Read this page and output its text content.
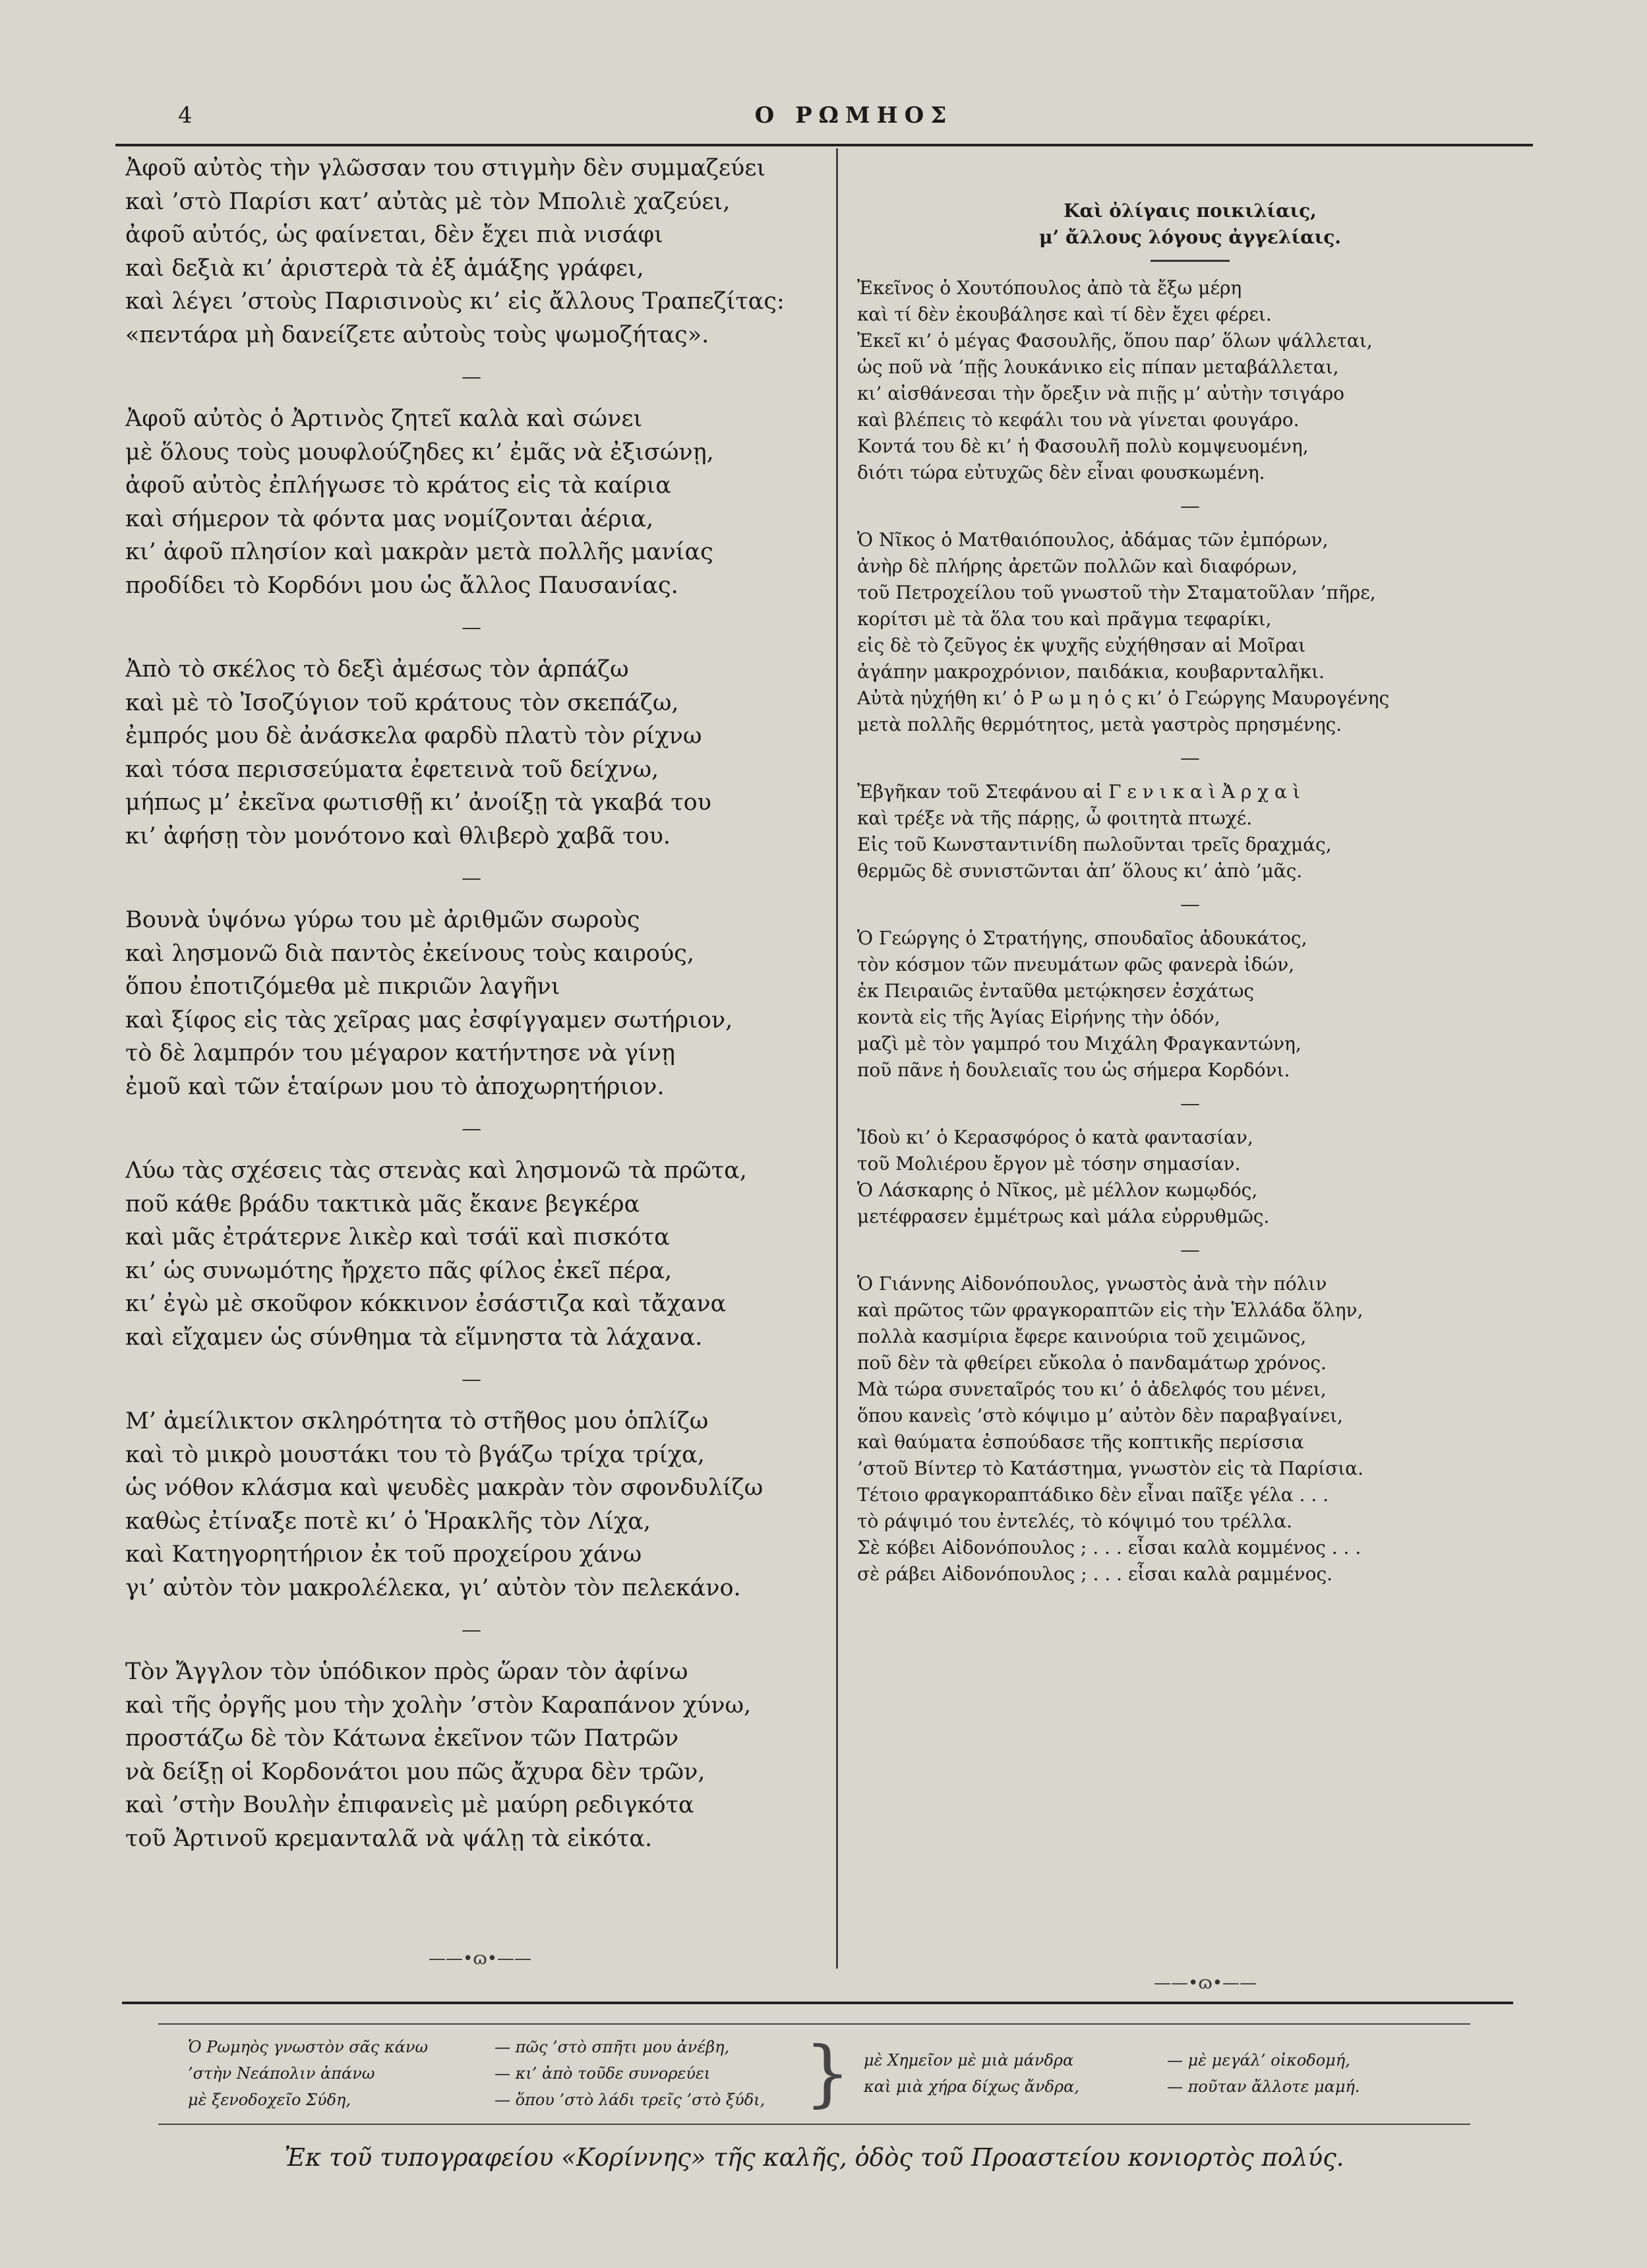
4	Ο ΡΩΜΗΟΣ
Ἀφοῦ αὐτὸς τὴν γλῶσσαν του στιγμὴν δὲν συμμαζεύει
καὶ ’στὸ Παρίσι κατ’ αὐτὰς μὲ τὸν Μπολιὲ χαζεύει,
ἀφοῦ αὐτός, ὡς φαίνεται, δὲν ἔχει πιὰ νισάφι
καὶ δεξιὰ κι’ ἀριστερὰ τὰ ἐξ ἁμάξης γράφει,
καὶ λέγει ’στοὺς Παρισινοὺς κι’ εἰς ἄλλους Τραπεζίτας:
«πεντάρα μὴ δανείζετε αὐτοὺς τοὺς ψωμοζήτας».
—
Ἀφοῦ αὐτὸς ὁ Ἀρτινὸς ζητεῖ καλὰ καὶ σώνει
μὲ ὅλους τοὺς μουφλούζηδες κι’ ἐμᾶς νὰ ἐξισώνῃ,
ἀφοῦ αὐτὸς ἐπλήγωσε τὸ κράτος εἰς τὰ καίρια
καὶ σήμερον τὰ φόντα μας νομίζονται ἀέρια,
κι’ ἀφοῦ πλησίον καὶ μακρὰν μετὰ πολλῆς μανίας
προδίδει τὸ Κορδόνι μου ὡς ἄλλος Παυσανίας.
—
Ἀπὸ τὸ σκέλος τὸ δεξὶ ἀμέσως τὸν ἁρπάζω
καὶ μὲ τὸ Ἰσοζύγιον τοῦ κράτους τὸν σκεπάζω,
ἐμπρός μου δὲ ἀνάσκελα φαρδὺ πλατὺ τὸν ρίχνω
καὶ τόσα περισσεύματα ἐφετεινὰ τοῦ δείχνω,
μήπως μ’ ἐκεῖνα φωτισθῇ κι’ ἀνοίξῃ τὰ γκαβά του
κι’ ἀφήσῃ τὸν μονότονο καὶ θλιβερὸ χαβᾶ του.
—
Βουνὰ ὑψόνω γύρω του μὲ ἀριθμῶν σωροὺς
καὶ λησμονῶ διὰ παντὸς ἐκείνους τοὺς καιρούς,
ὅπου ἐποτιζόμεθα μὲ πικριῶν λαγῆνι
καὶ ξίφος εἰς τὰς χεῖρας μας ἐσφίγγαμεν σωτήριον,
τὸ δὲ λαμπρόν του μέγαρον κατήντησε νὰ γίνῃ
ἐμοῦ καὶ τῶν ἑταίρων μου τὸ ἀποχωρητήριον.
—
Λύω τὰς σχέσεις τὰς στενὰς καὶ λησμονῶ τὰ πρῶτα,
ποῦ κάθε βράδυ τακτικὰ μᾶς ἔκανε βεγκέρα
καὶ μᾶς ἐτράτερνε λικὲρ καὶ τσάϊ καὶ πισκότα
κι’ ὡς συνωμότης ἤρχετο πᾶς φίλος ἐκεῖ πέρα,
κι’ ἐγὼ μὲ σκοῦφον κόκκινον ἐσάστιζα καὶ τἄχανα
καὶ εἴχαμεν ὡς σύνθημα τὰ εἵμνηστα τὰ λάχανα.
—
Μ’ ἀμείλικτον σκληρότητα τὸ στῆθος μου ὁπλίζω
καὶ τὸ μικρὸ μουστάκι του τὸ βγάζω τρίχα τρίχα,
ὡς νόθον κλάσμα καὶ ψευδὲς μακρὰν τὸν σφονδυλίζω
καθὼς ἐτίναξε ποτὲ κι’ ὁ Ἡρακλῆς τὸν Λίχα,
καὶ Κατηγορητήριον ἐκ τοῦ προχείρου χάνω
γι’ αὐτὸν τὸν μακρολέλεκα, γι’ αὐτὸν τὸν πελεκάνο.
—
Τὸν Ἄγγλον τὸν ὑπόδικον πρὸς ὥραν τὸν ἀφίνω
καὶ τῆς ὀργῆς μου τὴν χολὴν ’στὸν Καραπάνον χύνω,
προστάζω δὲ τὸν Κάτωνα ἐκεῖνον τῶν Πατρῶν
νὰ δείξῃ οἱ Κορδονάτοι μου πῶς ἄχυρα δὲν τρῶν,
καὶ ’στὴν Βουλὴν ἐπιφανεὶς μὲ μαύρη ρεδιγκότα
τοῦ Ἀρτινοῦ κρεμανταλᾶ νὰ ψάλῃ τὰ εἰκότα.
Καὶ ὀλίγαις ποικιλίαις,
μ’ ἄλλους λόγους ἀγγελίαις.
Ἐκεῖνος ὁ Χουτόπουλος ἀπὸ τὰ ἔξω μέρη
καὶ τί δὲν ἐκουβάλησε καὶ τί δὲν ἔχει φέρει.
Ἐκεῖ κι’ ὁ μέγας Φασουλῆς, ὅπου παρ’ ὅλων ψάλλεται,
ὡς ποῦ νὰ ’πῇς λουκάνικο εἰς πίπαν μεταβάλλεται,
κι’ αἰσθάνεσαι τὴν ὄρεξιν νὰ πιῇς μ’ αὐτὴν τσιγάρο
καὶ βλέπεις τὸ κεφάλι του νὰ γίνεται φουγάρο.
Κοντά του δὲ κι’ ἡ Φασουλῆ πολὺ κομψευομένη,
διότι τώρα εὐτυχῶς δὲν εἶναι φουσκωμένη.
—
Ὁ Νῖκος ὁ Ματθαιόπουλος, ἀδάμας τῶν ἐμπόρων,
ἀνὴρ δὲ πλήρης ἀρετῶν πολλῶν καὶ διαφόρων,
τοῦ Πετροχείλου τοῦ γνωστοῦ τὴν Σταματοῦλαν ’πῆρε,
κορίτσι μὲ τὰ ὅλα του καὶ πρᾶγμα τεφαρίκι,
εἰς δὲ τὸ ζεῦγος ἐκ ψυχῆς εὐχήθησαν αἱ Μοῖραι
ἀγάπην μακροχρόνιον, παιδάκια, κουβαρνταλῆκι.
Αὐτὰ ηὐχήθη κι’ ὁ Ρ ω μ η ὁ ς κι’ ὁ Γεώργης Μαυρογένης
μετὰ πολλῆς θερμότητος, μετὰ γαστρὸς πρησμένης.
—
Ἐβγῆκαν τοῦ Στεφάνου αἱ Γ ε ν ι κ α ὶ Ἀ ρ χ α ὶ
καὶ τρέξε νὰ τῆς πάρῃς, ὦ φοιτητὰ πτωχέ.
Εἰς τοῦ Κωνσταντινίδη πωλοῦνται τρεῖς δραχμάς,
θερμῶς δὲ συνιστῶνται ἀπ’ ὅλους κι’ ἀπὸ ’μᾶς.
—
Ὁ Γεώργης ὁ Στρατήγης, σπουδαῖος ἀδουκάτος,
τὸν κόσμον τῶν πνευμάτων φῶς φανερὰ ἰδών,
ἐκ Πειραιῶς ἐνταῦθα μετῴκησεν ἐσχάτως
κοντὰ εἰς τῆς Ἁγίας Εἰρήνης τὴν ὁδόν,
μαζὶ μὲ τὸν γαμπρό του Μιχάλη Φραγκαντώνη,
ποῦ πᾶνε ἡ δουλειαῖς του ὡς σήμερα Κορδόνι.
—
Ἰδοὺ κι’ ὁ Κερασφόρος ὁ κατὰ φαντασίαν,
τοῦ Μολιέρου ἔργον μὲ τόσην σημασίαν.
Ὁ Λάσκαρης ὁ Νῖκος, μὲ μέλλον κωμῳδός,
μετέφρασεν ἐμμέτρως καὶ μάλα εὐρρυθμῶς.
—
Ὁ Γιάννης Αἰδονόπουλος, γνωστὸς ἀνὰ τὴν πόλιν
καὶ πρῶτος τῶν φραγκοραπτῶν εἰς τὴν Ἑλλάδα ὅλην,
πολλὰ κασμίρια ἔφερε καινούρια τοῦ χειμῶνος,
ποῦ δὲν τὰ φθείρει εὔκολα ὁ πανδαμάτωρ χρόνος.
Μὰ τώρα συνεταῖρός του κι’ ὁ ἀδελφός του μένει,
ὅπου κανεὶς ’στὸ κόψιμο μ’ αὐτὸν δὲν παραβγαίνει,
καὶ θαύματα ἐσπούδασε τῆς κοπτικῆς περίσσια
’στοῦ Βίντερ τὸ Κατάστημα, γνωστὸν εἰς τὰ Παρίσια.
Τέτοιο φραγκοραπτάδικο δὲν εἶναι παῖξε γέλα . . .
τὸ ράψιμό του ἐντελές, τὸ κόψιμό του τρέλλα.
Σὲ κόβει Αἰδονόπουλος ; . . . εἶσαι καλὰ κομμένος . . .
σὲ ράβει Αἰδονόπουλος ; . . . εἶσαι καλὰ ραμμένος.
——•ɷ•——
——•ɷ•——
Ὁ Ρωμηὸς γνωστὸν σᾶς κάνω
’στὴν Νεάπολιν ἀπάνω
μὲ ξενοδοχεῖο Σύδη,
— πῶς ’στὸ σπῆτι μου ἀνέβη,
— κι’ ἀπὸ τοῦδε συνορεύει
— ὅπου ’στὸ λάδι τρεῖς ’στὸ ξύδι, } μὲ Χημεῖον μὲ μιὰ μάνδρα
καὶ μιὰ χήρα δίχως ἄνδρα,
— μὲ μεγάλ’ οἰκοδομή,
— ποῦταν ἄλλοτε μαμή.
Ἐκ τοῦ τυπογραφείου «Κορίννης» τῆς καλῆς, ὁδὸς τοῦ Προαστείου κονιορτὸς πολύς.
